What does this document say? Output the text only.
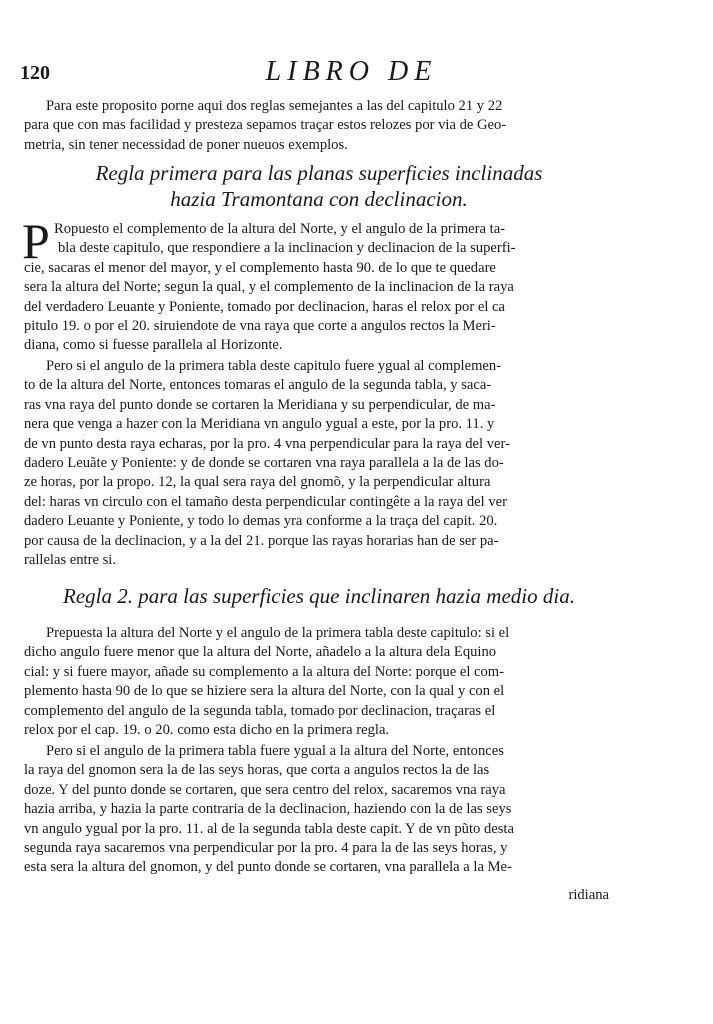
120	LIBRO DE
Para este proposito porne aqui dos reglas semejantes a las del capitulo 21 y 22
para que con mas facilidad y presteza sepamos traçar estos relozes por via de Geo-
metria, sin tener necessidad de poner nueuos exemplos.
Regla primera para las planas superficies inclinadas
hazia Tramontana con declinacion.
P Ropuesto el complemento de la altura del Norte, y el angulo de la primera ta-
bla deste capitulo, que respondiere a la inclinacion y declinacion de la superfi-
cie, sacaras el menor del mayor, y el complemento hasta 90. de lo que te quedare
sera la altura del Norte; segun la qual, y el complemento de la inclinacion de la raya
del verdadero Leuante y Poniente, tomado por declinacion, haras el relox por el ca
pitulo 19. o por el 20. siruiendote de vna raya que corte a angulos rectos la Meri-
diana, como si fuesse parallela al Horizonte.
Pero si el angulo de la primera tabla deste capitulo fuere ygual al complemen-
to de la altura del Norte, entonces tomaras el angulo de la segunda tabla, y saca-
ras vna raya del punto donde se cortaren la Meridiana y su perpendicular, de ma-
nera que venga a hazer con la Meridiana vn angulo ygual a este, por la pro. 11. y
de vn punto desta raya echaras, por la pro. 4 vna perpendicular para la raya del ver-
dadero Leuãte y Poniente: y de donde se cortaren vna raya parallela a la de las do-
ze horas, por la propo. 12, la qual sera raya del gnomõ, y la perpendicular altura
del: haras vn circulo con el tamaño desta perpendicular contingête a la raya del ver
dadero Leuante y Poniente, y todo lo demas yra conforme a la traça del capit. 20.
por causa de la declinacion, y a la del 21. porque las rayas horarias han de ser pa-
rallelas entre si.
Regla 2. para las superficies que inclinaren hazia medio dia.
Prepuesta la altura del Norte y el angulo de la primera tabla deste capitulo: si el
dicho angulo fuere menor que la altura del Norte, añadelo a la altura dela Equino
cial: y si fuere mayor, añade su complemento a la altura del Norte: porque el com-
plemento hasta 90 de lo que se hiziere sera la altura del Norte, con la qual y con el
complemento del angulo de la segunda tabla, tomado por declinacion, traçaras el
relox por el cap. 19. o 20. como esta dicho en la primera regla.
Pero si el angulo de la primera tabla fuere ygual a la altura del Norte, entonces
la raya del gnomon sera la de las seys horas, que corta a angulos rectos la de las
doze. Y del punto donde se cortaren, que sera centro del relox, sacaremos vna raya
hazia arriba, y hazia la parte contraria de la declinacion, haziendo con la de las seys
vn angulo ygual por la pro. 11. al de la segunda tabla deste capit. Y de vn pũto desta
segunda raya sacaremos vna perpendicular por la pro. 4 para la de las seys horas, y
esta sera la altura del gnomon, y del punto donde se cortaren, vna parallela a la Me-
ridiana
